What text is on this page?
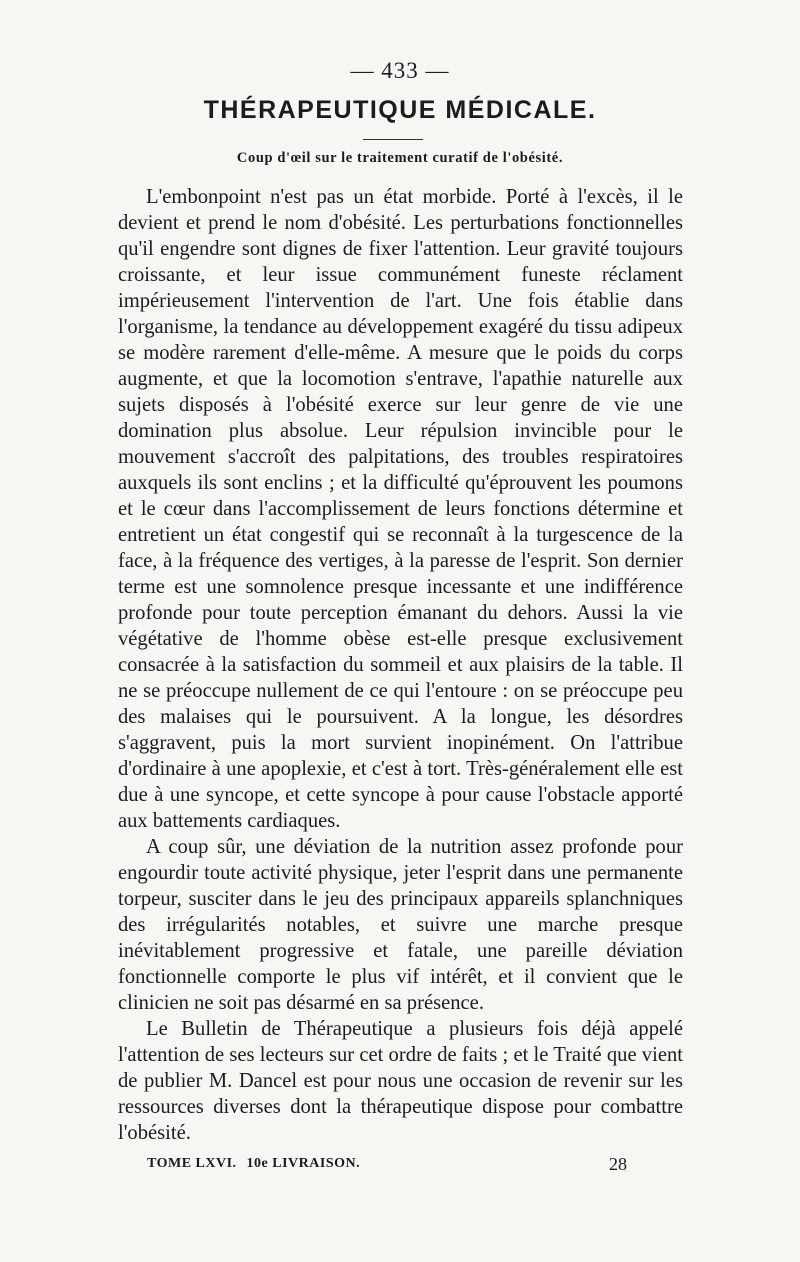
— 433 —
THÉRAPEUTIQUE MÉDICALE.
Coup d'œil sur le traitement curatif de l'obésité.

L'embonpoint n'est pas un état morbide. Porté à l'excès, il le devient et prend le nom d'obésité. Les perturbations fonctionnelles qu'il engendre sont dignes de fixer l'attention. Leur gravité toujours croissante, et leur issue communément funeste réclament impérieusement l'intervention de l'art. Une fois établie dans l'organisme, la tendance au développement exagéré du tissu adipeux se modère rarement d'elle-même. A mesure que le poids du corps augmente, et que la locomotion s'entrave, l'apathie naturelle aux sujets disposés à l'obésité exerce sur leur genre de vie une domination plus absolue. Leur répulsion invincible pour le mouvement s'accroît des palpitations, des troubles respiratoires auxquels ils sont enclins ; et la difficulté qu'éprouvent les poumons et le cœur dans l'accomplissement de leurs fonctions détermine et entretient un état congestif qui se reconnaît à la turgescence de la face, à la fréquence des vertiges, à la paresse de l'esprit. Son dernier terme est une somnolence presque incessante et une indifférence profonde pour toute perception émanant du dehors. Aussi la vie végétative de l'homme obèse est-elle presque exclusivement consacrée à la satisfaction du sommeil et aux plaisirs de la table. Il ne se préoccupe nullement de ce qui l'entoure : on se préoccupe peu des malaises qui le poursuivent. A la longue, les désordres s'aggravent, puis la mort survient inopinément. On l'attribue d'ordinaire à une apoplexie, et c'est à tort. Très-généralement elle est due à une syncope, et cette syncope à pour cause l'obstacle apporté aux battements cardiaques.

A coup sûr, une déviation de la nutrition assez profonde pour engourdir toute activité physique, jeter l'esprit dans une permanente torpeur, susciter dans le jeu des principaux appareils splanchniques des irrégularités notables, et suivre une marche presque inévitablement progressive et fatale, une pareille déviation fonctionnelle comporte le plus vif intérêt, et il convient que le clinicien ne soit pas désarmé en sa présence.

Le Bulletin de Thérapeutique a plusieurs fois déjà appelé l'attention de ses lecteurs sur cet ordre de faits ; et le Traité que vient de publier M. Dancel est pour nous une occasion de revenir sur les ressources diverses dont la thérapeutique dispose pour combattre l'obésité.

TOME LXVI. 10e LIVRAISON.	28
